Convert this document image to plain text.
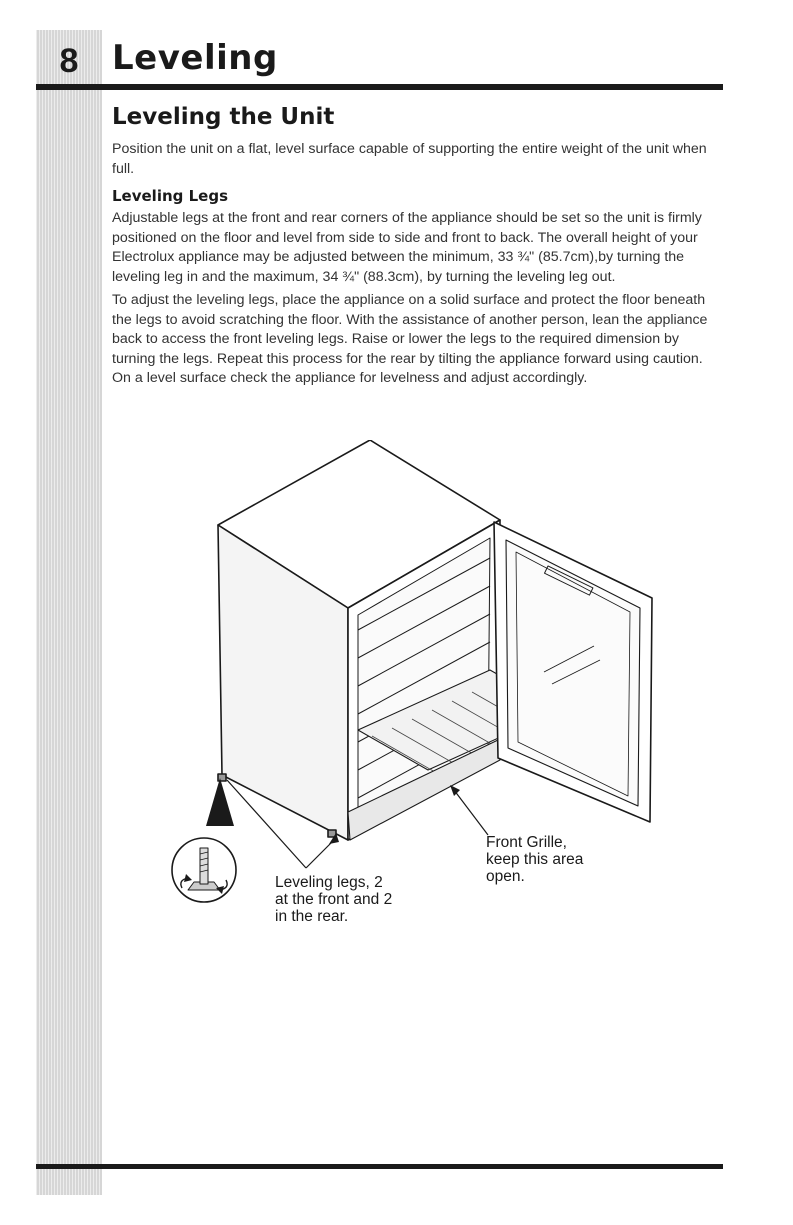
8 Leveling
Leveling the Unit

Position the unit on a flat, level surface capable of supporting the entire weight of the unit when full.

Leveling Legs

Adjustable legs at the front and rear corners of the appliance should be set so the unit is firmly positioned on the floor and level from side to side and front to back. The overall height of your Electrolux appliance may be adjusted between the minimum, 33 ¾" (85.7cm),by turning the leveling leg in and the maximum, 34 ¾" (88.3cm), by turning the leveling leg out.

To adjust the leveling legs, place the appliance on a solid surface and protect the floor beneath the legs to avoid scratching the floor. With the assistance of another person, lean the appliance back to access the front leveling legs. Raise or lower the legs to the required dimension by turning the legs. Repeat this process for the rear by tilting the appliance forward using caution. On a level surface check the appliance for levelness and adjust accordingly.

Front Grille,
keep this area
open.
Leveling legs, 2
at the front and 2
in the rear.
